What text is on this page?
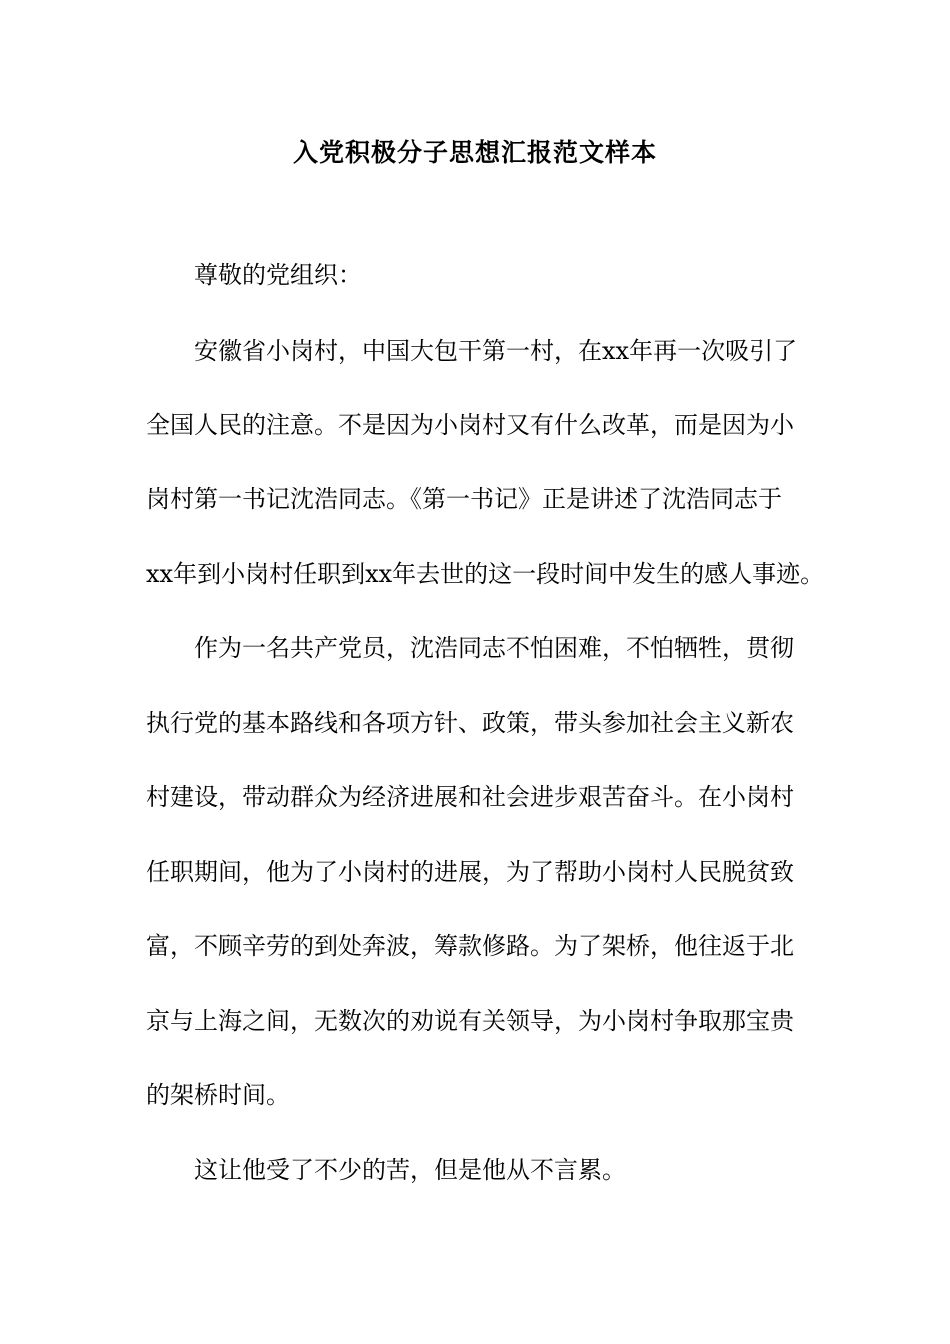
入党积极分子思想汇报范文样本
尊敬的党组织：
安徽省小岗村，中国大包干第一村，在xx年再一次吸引了
全国人民的注意。不是因为小岗村又有什么改革，而是因为小
岗村第一书记沈浩同志。《第一书记》正是讲述了沈浩同志于
xx年到小岗村任职到xx年去世的这一段时间中发生的感人事迹。
作为一名共产党员，沈浩同志不怕困难，不怕牺牲，贯彻
执行党的基本路线和各项方针、政策，带头参加社会主义新农
村建设，带动群众为经济进展和社会进步艰苦奋斗。在小岗村
任职期间，他为了小岗村的进展，为了帮助小岗村人民脱贫致
富，不顾辛劳的到处奔波，筹款修路。为了架桥，他往返于北
京与上海之间，无数次的劝说有关领导，为小岗村争取那宝贵
的架桥时间。
这让他受了不少的苦，但是他从不言累。
